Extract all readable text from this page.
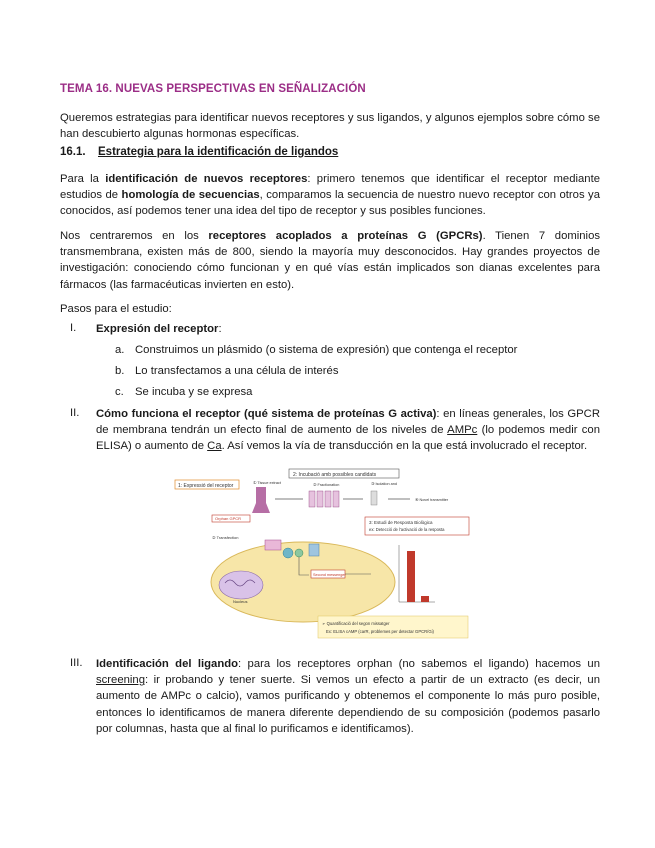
TEMA 16. NUEVAS PERSPECTIVAS EN SEÑALIZACIÓN
Queremos estrategias para identificar nuevos receptores y sus ligandos, y algunos ejemplos sobre cómo se han descubierto algunas hormonas específicas.
16.1. Estrategia para la identificación de ligandos
Para la identificación de nuevos receptores: primero tenemos que identificar el receptor mediante estudios de homología de secuencias, comparamos la secuencia de nuestro nuevo receptor con otros ya conocidos, así podemos tener una idea del tipo de receptor y sus posibles funciones.
Nos centraremos en los receptores acoplados a proteínas G (GPCRs). Tienen 7 dominios transmembrana, existen más de 800, siendo la mayoría muy desconocidos. Hay grandes proyectos de investigación: conociendo cómo funcionan y en qué vías están implicados son dianas excelentes para fármacos (las farmacéuticas invierten en esto).
Pasos para el estudio:
I. Expresión del receptor:
a. Construimos un plásmido (o sistema de expresión) que contenga el receptor
b. Lo transfectamos a una célula de interés
c. Se incuba y se expresa
II. Cómo funciona el receptor (qué sistema de proteínas G activa): en líneas generales, los GPCR de membrana tendrán un efecto final de aumento de los niveles de AMPc (lo podemos medir con ELISA) o aumento de Ca. Así vemos la vía de transducción en la que está involucrado el receptor.
III. Identificación del ligando: para los receptores orphan (no sabemos el ligando) hacemos un screening: ir probando y tener suerte. Si vemos un efecto a partir de un extracto (es decir, un aumento de AMPc o calcio), vamos purificando y obtenemos el componente lo más puro posible, entonces lo identificamos de manera diferente dependiendo de su composición (podemos pasarlo por columnas, hasta que al final lo purificamos e identificamos).
1: Expressió del receptor
2: Incubació amb possibles candidats
① Tissue extract	② Fractionation	③ Isolation and
④ Novel transmitter
Orphan GPCR
② Transfection
Nucleus
Second messenger
3: Estudi de Resposta Biològica
ex: Detecció de l'activació de la resposta
➢ Quantificació del segon missatger
Ex: ELISA cAMP (carR, problemes per detectar GPCR/Gi)
